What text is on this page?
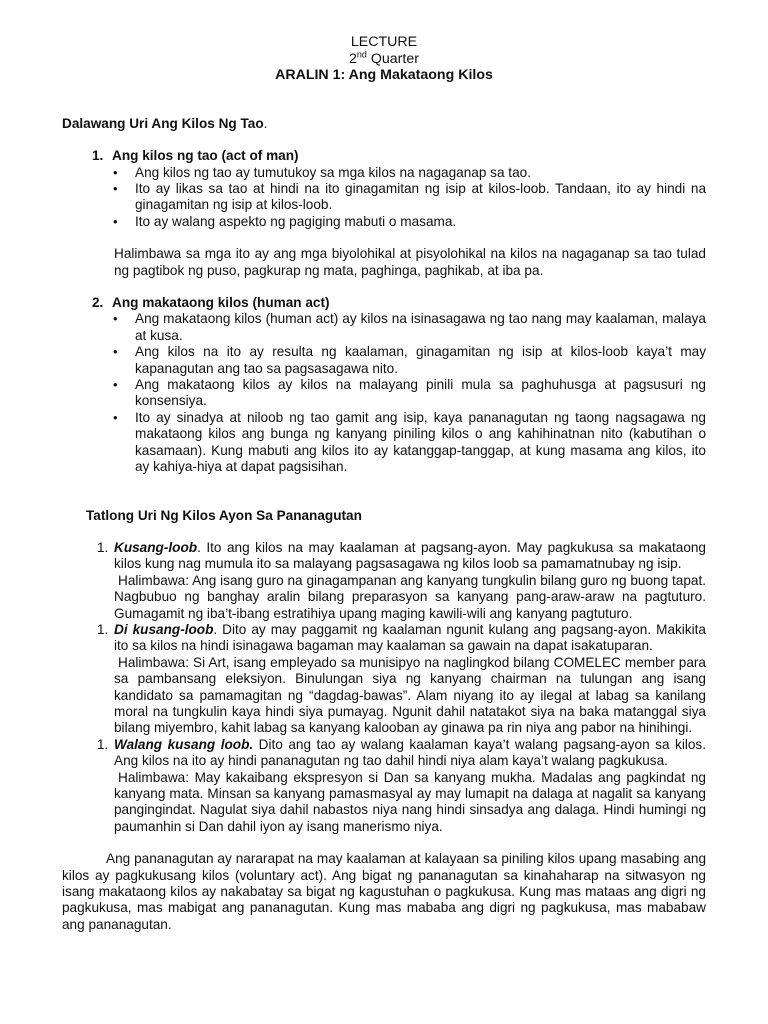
LECTURE
2nd Quarter
ARALIN 1: Ang Makataong Kilos
Dalawang Uri Ang Kilos Ng Tao.
1. Ang kilos ng tao (act of man)
• Ang kilos ng tao ay tumutukoy sa mga kilos na nagaganap sa tao.
• Ito ay likas sa tao at hindi na ito ginagamitan ng isip at kilos-loob. Tandaan, ito ay hindi na ginagamitan ng isip at kilos-loob.
• Ito ay walang aspekto ng pagiging mabuti o masama.

Halimbawa sa mga ito ay ang mga biyolohikal at pisyolohikal na kilos na nagaganap sa tao tulad ng pagtibok ng puso, pagkurap ng mata, paghinga, paghikab, at iba pa.

2. Ang makataong kilos (human act)
• Ang makataong kilos (human act) ay kilos na isinasagawa ng tao nang may kaalaman, malaya at kusa.
• Ang kilos na ito ay resulta ng kaalaman, ginagamitan ng isip at kilos-loob kaya’t may kapanagutan ang tao sa pagsasagawa nito.
• Ang makataong kilos ay kilos na malayang pinili mula sa paghuhusga at pagsusuri ng konsensiya.
• Ito ay sinadya at niloob ng tao gamit ang isip, kaya pananagutan ng taong nagsagawa ng makataong kilos ang bunga ng kanyang piniling kilos o ang kahihinatnan nito (kabutihan o kasamaan). Kung mabuti ang kilos ito ay katanggap-tanggap, at kung masama ang kilos, ito ay kahiya-hiya at dapat pagsisihan.
Tatlong Uri Ng Kilos Ayon Sa Pananagutan
1. Kusang-loob. Ito ang kilos na may kaalaman at pagsang-ayon. May pagkukusa sa makataong kilos kung nag mumula ito sa malayang pagsasagawa ng kilos loob sa pamamatnubay ng isip.
Halimbawa: Ang isang guro na ginagampanan ang kanyang tungkulin bilang guro ng buong tapat. Nagbubuo ng banghay aralin bilang preparasyon sa kanyang pang-araw-araw na pagtuturo. Gumagamit ng iba’t-ibang estratihiya upang maging kawili-wili ang kanyang pagtuturo.
1. Di kusang-loob. Dito ay may paggamit ng kaalaman ngunit kulang ang pagsang-ayon. Makikita ito sa kilos na hindi isinagawa bagaman may kaalaman sa gawain na dapat isakatuparan.
Halimbawa: Si Art, isang empleyado sa munisipyo na naglingkod bilang COMELEC member para sa pambansang eleksiyon. Binulungan siya ng kanyang chairman na tulungan ang isang kandidato sa pamamagitan ng “dagdag-bawas”. Alam niyang ito ay ilegal at labag sa kanilang moral na tungkulin kaya hindi siya pumayag. Ngunit dahil natatakot siya na baka matanggal siya bilang miyembro, kahit labag sa kanyang kalooban ay ginawa pa rin niya ang pabor na hinihingi.
1. Walang kusang loob. Dito ang tao ay walang kaalaman kaya’t walang pagsang-ayon sa kilos. Ang kilos na ito ay hindi pananagutan ng tao dahil hindi niya alam kaya’t walang pagkukusa.
Halimbawa: May kakaibang ekspresyon si Dan sa kanyang mukha. Madalas ang pagkindat ng kanyang mata. Minsan sa kanyang pamasmasyal ay may lumapit na dalaga at nagalit sa kanyang pangingindat. Nagulat siya dahil nabastos niya nang hindi sinsadya ang dalaga. Hindi humingi ng paumanhin si Dan dahil iyon ay isang manerismo niya.

Ang pananagutan ay nararapat na may kaalaman at kalayaan sa piniling kilos upang masabing ang kilos ay pagkukusang kilos (voluntary act). Ang bigat ng pananagutan sa kinahaharap na sitwasyon ng isang makataong kilos ay nakabatay sa bigat ng kagustuhan o pagkukusa. Kung mas mataas ang digri ng pagkukusa, mas mabigat ang pananagutan. Kung mas mababa ang digri ng pagkukusa, mas mababaw ang pananagutan.
